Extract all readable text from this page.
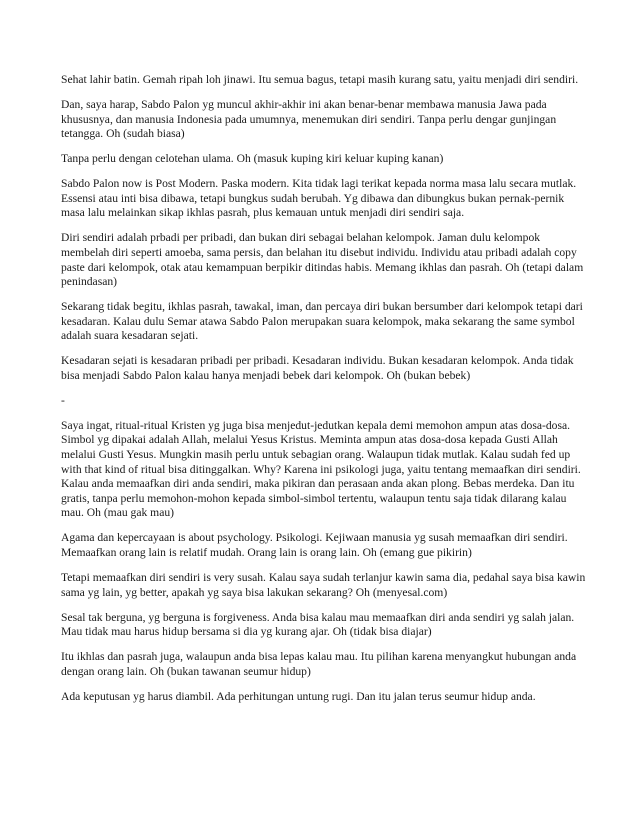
Sehat lahir batin. Gemah ripah loh jinawi. Itu semua bagus, tetapi masih kurang satu, yaitu menjadi diri sendiri.

Dan, saya harap, Sabdo Palon yg muncul akhir-akhir ini akan benar-benar membawa manusia Jawa pada khususnya, dan manusia Indonesia pada umumnya, menemukan diri sendiri. Tanpa perlu dengar gunjingan tetangga. Oh (sudah biasa)

Tanpa perlu dengan celotehan ulama. Oh (masuk kuping kiri keluar kuping kanan)

Sabdo Palon now is Post Modern. Paska modern. Kita tidak lagi terikat kepada norma masa lalu secara mutlak. Essensi atau inti bisa dibawa, tetapi bungkus sudah berubah. Yg dibawa dan dibungkus bukan pernak-pernik masa lalu melainkan sikap ikhlas pasrah, plus kemauan untuk menjadi diri sendiri saja.

Diri sendiri adalah prbadi per pribadi, dan bukan diri sebagai belahan kelompok. Jaman dulu kelompok membelah diri seperti amoeba, sama persis, dan belahan itu disebut individu. Individu atau pribadi adalah copy paste dari kelompok, otak atau kemampuan berpikir ditindas habis. Memang ikhlas dan pasrah. Oh (tetapi dalam penindasan)

Sekarang tidak begitu, ikhlas pasrah, tawakal, iman, dan percaya diri bukan bersumber dari kelompok tetapi dari kesadaran. Kalau dulu Semar atawa Sabdo Palon merupakan suara kelompok, maka sekarang the same symbol adalah suara kesadaran sejati.

Kesadaran sejati is kesadaran pribadi per pribadi. Kesadaran individu. Bukan kesadaran kelompok. Anda tidak bisa menjadi Sabdo Palon kalau hanya menjadi bebek dari kelompok. Oh (bukan bebek)

-

Saya ingat, ritual-ritual Kristen yg juga bisa menjedut-jedutkan kepala demi memohon ampun atas dosa-dosa. Simbol yg dipakai adalah Allah, melalui Yesus Kristus. Meminta ampun atas dosa-dosa kepada Gusti Allah melalui Gusti Yesus. Mungkin masih perlu untuk sebagian orang. Walaupun tidak mutlak. Kalau sudah fed up with that kind of ritual bisa ditinggalkan. Why? Karena ini psikologi juga, yaitu tentang memaafkan diri sendiri. Kalau anda memaafkan diri anda sendiri, maka pikiran dan perasaan anda akan plong. Bebas merdeka. Dan itu gratis, tanpa perlu memohon-mohon kepada simbol-simbol tertentu, walaupun tentu saja tidak dilarang kalau mau. Oh (mau gak mau)

Agama dan kepercayaan is about psychology. Psikologi. Kejiwaan manusia yg susah memaafkan diri sendiri. Memaafkan orang lain is relatif mudah. Orang lain is orang lain. Oh (emang gue pikirin)

Tetapi memaafkan diri sendiri is very susah. Kalau saya sudah terlanjur kawin sama dia, pedahal saya bisa kawin sama yg lain, yg better, apakah yg saya bisa lakukan sekarang? Oh (menyesal.com)

Sesal tak berguna, yg berguna is forgiveness. Anda bisa kalau mau memaafkan diri anda sendiri yg salah jalan. Mau tidak mau harus hidup bersama si dia yg kurang ajar. Oh (tidak bisa diajar)

Itu ikhlas dan pasrah juga, walaupun anda bisa lepas kalau mau. Itu pilihan karena menyangkut hubungan anda dengan orang lain. Oh (bukan tawanan seumur hidup)

Ada keputusan yg harus diambil. Ada perhitungan untung rugi. Dan itu jalan terus seumur hidup anda.
